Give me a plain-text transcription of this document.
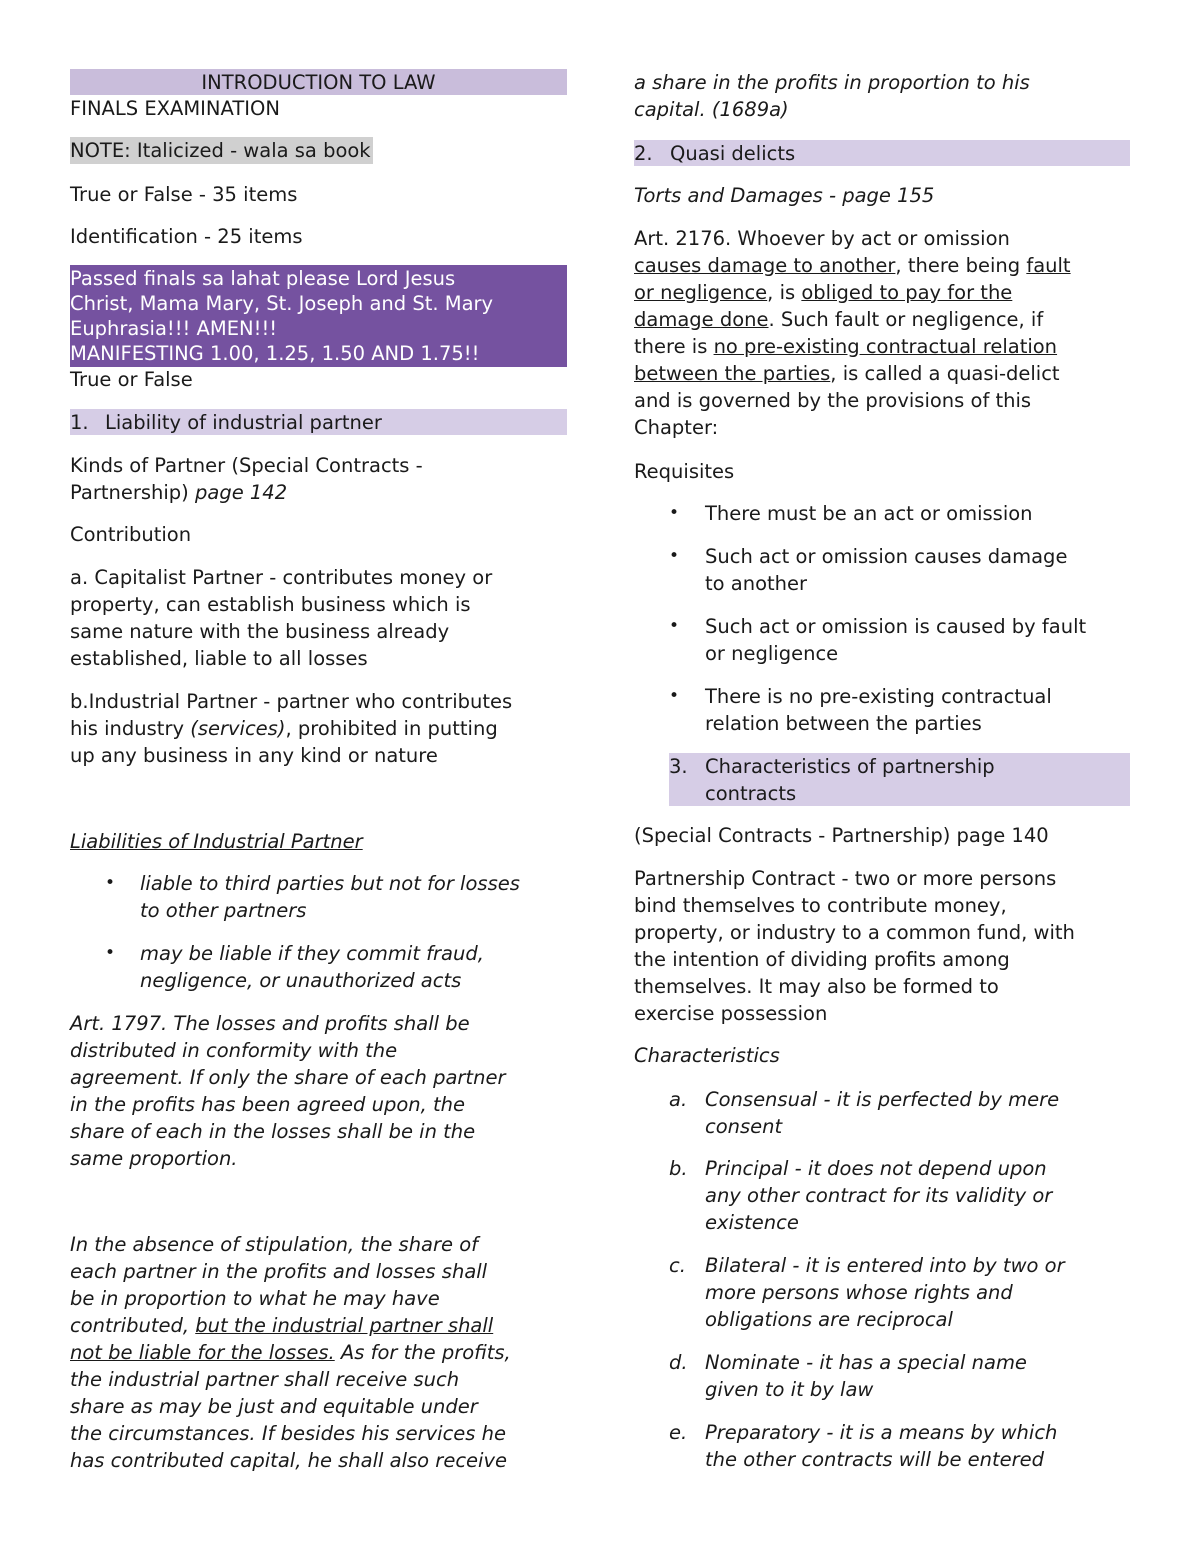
INTRODUCTION TO LAW
FINALS EXAMINATION
NOTE: Italicized - wala sa book
True or False - 35 items
Identification - 25 items
Passed finals sa lahat please Lord Jesus
Christ, Mama Mary, St. Joseph and St. Mary
Euphrasia!!! AMEN!!!
MANIFESTING 1.00, 1.25, 1.50 AND 1.75!!
True or False
1. Liability of industrial partner
Kinds of Partner (Special Contracts -
Partnership) page 142
Contribution
a. Capitalist Partner - contributes money or
property, can establish business which is
same nature with the business already
established, liable to all losses
b.Industrial Partner - partner who contributes
his industry (services), prohibited in putting
up any business in any kind or nature
Liabilities of Industrial Partner
• liable to third parties but not for losses
to other partners
• may be liable if they commit fraud,
negligence, or unauthorized acts
Art. 1797. The losses and profits shall be
distributed in conformity with the
agreement. If only the share of each partner
in the profits has been agreed upon, the
share of each in the losses shall be in the
same proportion.
In the absence of stipulation, the share of
each partner in the profits and losses shall
be in proportion to what he may have
contributed, but the industrial partner shall
not be liable for the losses. As for the profits,
the industrial partner shall receive such
share as may be just and equitable under
the circumstances. If besides his services he
has contributed capital, he shall also receive
a share in the profits in proportion to his
capital. (1689a)
2. Quasi delicts
Torts and Damages - page 155
Art. 2176. Whoever by act or omission
causes damage to another, there being fault
or negligence, is obliged to pay for the
damage done. Such fault or negligence, if
there is no pre-existing contractual relation
between the parties, is called a quasi-delict
and is governed by the provisions of this
Chapter:
Requisites
• There must be an act or omission
• Such act or omission causes damage
to another
• Such act or omission is caused by fault
or negligence
• There is no pre-existing contractual
relation between the parties
3. Characteristics of partnership
contracts
(Special Contracts - Partnership) page 140
Partnership Contract - two or more persons
bind themselves to contribute money,
property, or industry to a common fund, with
the intention of dividing profits among
themselves. It may also be formed to
exercise possession
Characteristics
a. Consensual - it is perfected by mere
consent
b. Principal - it does not depend upon
any other contract for its validity or
existence
c. Bilateral - it is entered into by two or
more persons whose rights and
obligations are reciprocal
d. Nominate - it has a special name
given to it by law
e. Preparatory - it is a means by which
the other contracts will be entered
